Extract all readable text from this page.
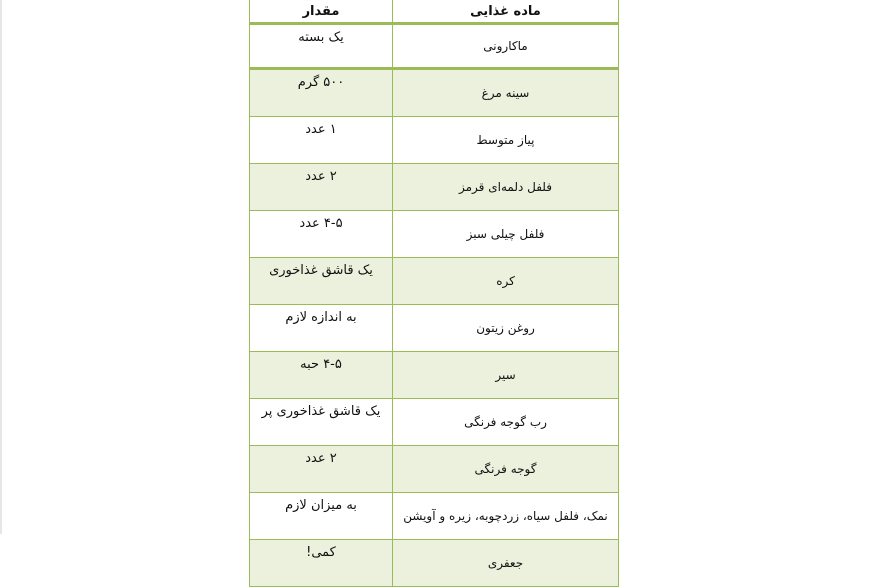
ماده غذایی	مقدار
ماکارونی	یک بسته
سینه مرغ	۵۰۰ گرم
پیاز متوسط	۱ عدد
فلفل دلمه‌ای قرمز	۲ عدد
فلفل چیلی سبز	۴-۵ عدد
کره	یک قاشق غذاخوری
روغن زیتون	به اندازه لازم
سیر	۴-۵ حبه
رب گوجه فرنگی	یک قاشق غذاخوری پر
گوجه فرنگی	۲ عدد
نمک، فلفل سیاه، زردچوبه، زیره و آویشن	به میزان لازم
جعفری	کمی!
